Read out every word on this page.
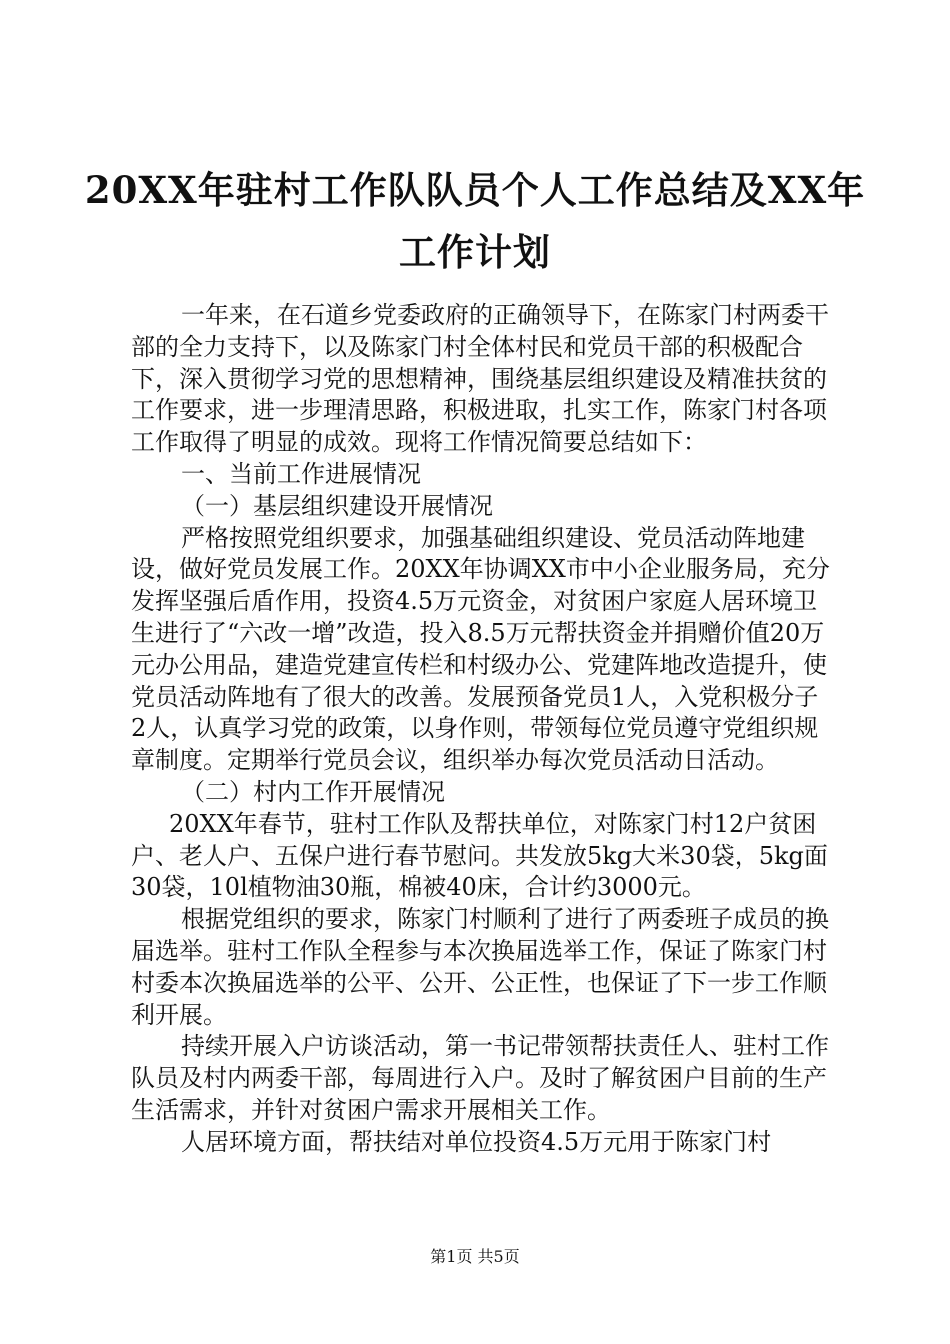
20XX年驻村工作队队员个人工作总结及XX年
工作计划

一年来，在石道乡党委政府的正确领导下，在陈家门村两委干部的全力支持下，以及陈家门村全体村民和党员干部的积极配合下，深入贯彻学习党的思想精神，围绕基层组织建设及精准扶贫的工作要求，进一步理清思路，积极进取，扎实工作，陈家门村各项工作取得了明显的成效。现将工作情况简要总结如下：

一、当前工作进展情况

（一）基层组织建设开展情况

严格按照党组织要求，加强基础组织建设、党员活动阵地建设，做好党员发展工作。20XX年协调XX市中小企业服务局，充分发挥坚强后盾作用，投资4.5万元资金，对贫困户家庭人居环境卫生进行了“六改一增”改造，投入8.5万元帮扶资金并捐赠价值20万元办公用品，建造党建宣传栏和村级办公、党建阵地改造提升，使党员活动阵地有了很大的改善。发展预备党员1人，入党积极分子2人，认真学习党的政策，以身作则，带领每位党员遵守党组织规章制度。定期举行党员会议，组织举办每次党员活动日活动。

（二）村内工作开展情况

20XX年春节，驻村工作队及帮扶单位，对陈家门村12户贫困户、老人户、五保户进行春节慰问。共发放5kg大米30袋，5kg面30袋，10l植物油30瓶，棉被40床，合计约3000元。

根据党组织的要求，陈家门村顺利了进行了两委班子成员的换届选举。驻村工作队全程参与本次换届选举工作，保证了陈家门村村委本次换届选举的公平、公开、公正性，也保证了下一步工作顺利开展。

持续开展入户访谈活动，第一书记带领帮扶责任人、驻村工作队员及村内两委干部，每周进行入户。及时了解贫困户目前的生产生活需求，并针对贫困户需求开展相关工作。

人居环境方面，帮扶结对单位投资4.5万元用于陈家门村

第1页 共5页
